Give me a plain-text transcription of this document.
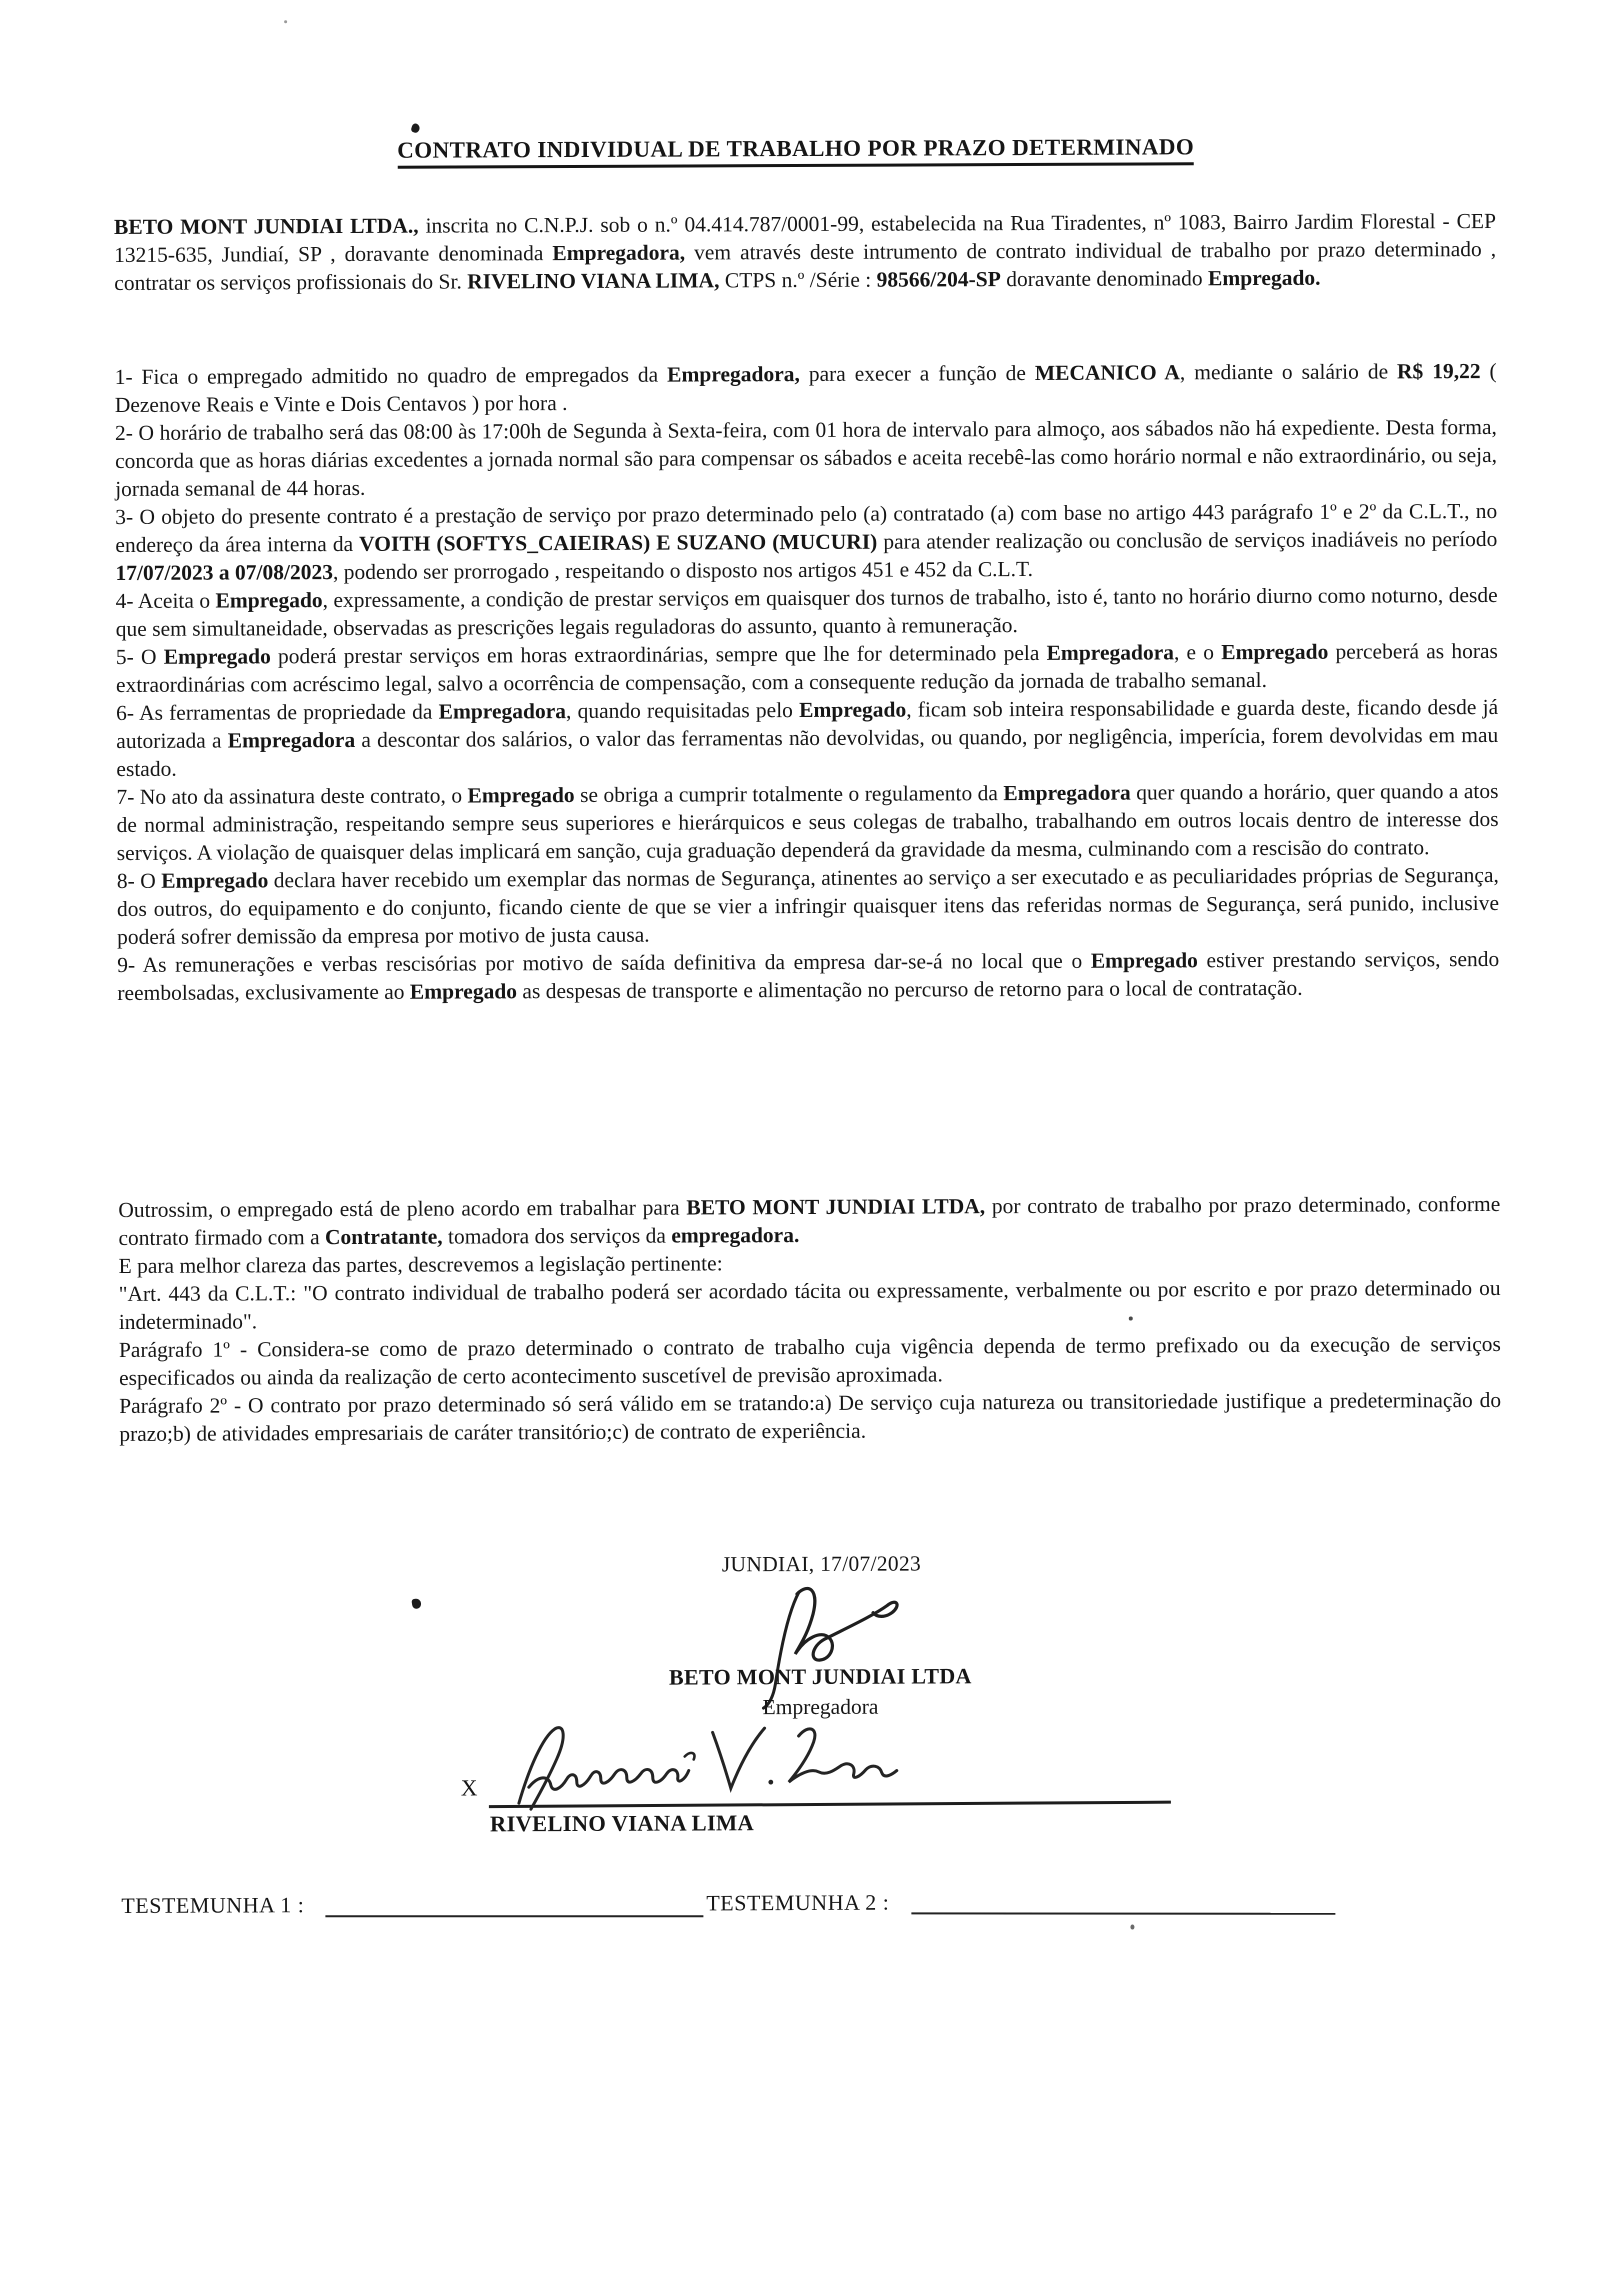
CONTRATO INDIVIDUAL DE TRABALHO POR PRAZO DETERMINADO

BETO MONT JUNDIAI LTDA., inscrita no C.N.P.J. sob o n.º 04.414.787/0001-99, estabelecida na Rua Tiradentes, nº 1083, Bairro Jardim Florestal - CEP 13215-635, Jundiaí, SP , doravante denominada Empregadora, vem através deste intrumento de contrato individual de trabalho por prazo determinado , contratar os serviços profissionais do Sr. RIVELINO VIANA LIMA, CTPS n.º /Série : 98566/204-SP doravante denominado Empregado.

1- Fica o empregado admitido no quadro de empregados da Empregadora, para execer a função de MECANICO A, mediante o salário de R$ 19,22 ( Dezenove Reais e Vinte e Dois Centavos ) por hora .

2- O horário de trabalho será das 08:00 às 17:00h de Segunda à Sexta-feira, com 01 hora de intervalo para almoço, aos sábados não há expediente. Desta forma, concorda que as horas diárias excedentes a jornada normal são para compensar os sábados e aceita recebê-las como horário normal e não extraordinário, ou seja, jornada semanal de 44 horas.

3- O objeto do presente contrato é a prestação de serviço por prazo determinado pelo (a) contratado (a) com base no artigo 443 parágrafo 1º e 2º da C.L.T., no endereço da área interna da VOITH (SOFTYS_CAIEIRAS) E SUZANO (MUCURI) para atender realização ou conclusão de serviços inadiáveis no período 17/07/2023 a 07/08/2023, podendo ser prorrogado , respeitando o disposto nos artigos 451 e 452 da C.L.T.

4- Aceita o Empregado, expressamente, a condição de prestar serviços em quaisquer dos turnos de trabalho, isto é, tanto no horário diurno como noturno, desde que sem simultaneidade, observadas as prescrições legais reguladoras do assunto, quanto à remuneração.

5- O Empregado poderá prestar serviços em horas extraordinárias, sempre que lhe for determinado pela Empregadora, e o Empregado perceberá as horas extraordinárias com acréscimo legal, salvo a ocorrência de compensação, com a consequente redução da jornada de trabalho semanal.

6- As ferramentas de propriedade da Empregadora, quando requisitadas pelo Empregado, ficam sob inteira responsabilidade e guarda deste, ficando desde já autorizada a Empregadora a descontar dos salários, o valor das ferramentas não devolvidas, ou quando, por negligência, imperícia, forem devolvidas em mau estado.

7- No ato da assinatura deste contrato, o Empregado se obriga a cumprir totalmente o regulamento da Empregadora quer quando a horário, quer quando a atos de normal administração, respeitando sempre seus superiores e hierárquicos e seus colegas de trabalho, trabalhando em outros locais dentro de interesse dos serviços. A violação de quaisquer delas implicará em sanção, cuja graduação dependerá da gravidade da mesma, culminando com a rescisão do contrato.

8- O Empregado declara haver recebido um exemplar das normas de Segurança, atinentes ao serviço a ser executado e as peculiaridades próprias de Segurança, dos outros, do equipamento e do conjunto, ficando ciente de que se vier a infringir quaisquer itens das referidas normas de Segurança, será punido, inclusive poderá sofrer demissão da empresa por motivo de justa causa.

9- As remunerações e verbas rescisórias por motivo de saída definitiva da empresa dar-se-á no local que o Empregado estiver prestando serviços, sendo reembolsadas, exclusivamente ao Empregado as despesas de transporte e alimentação no percurso de retorno para o local de contratação.

Outrossim, o empregado está de pleno acordo em trabalhar para BETO MONT JUNDIAI LTDA, por contrato de trabalho por prazo determinado, conforme contrato firmado com a Contratante, tomadora dos serviços da empregadora.

E para melhor clareza das partes, descrevemos a legislação pertinente:

"Art. 443 da C.L.T.: "O contrato individual de trabalho poderá ser acordado tácita ou expressamente, verbalmente ou por escrito e por prazo determinado ou indeterminado".

Parágrafo 1º - Considera-se como de prazo determinado o contrato de trabalho cuja vigência dependa de termo prefixado ou da execução de serviços especificados ou ainda da realização de certo acontecimento suscetível de previsão aproximada.

Parágrafo 2º - O contrato por prazo determinado só será válido em se tratando:a) De serviço cuja natureza ou transitoriedade justifique a predeterminação do prazo;b) de atividades empresariais de caráter transitório;c) de contrato de experiência.

JUNDIAI, 17/07/2023
BETO MONT JUNDIAI LTDA
Empregadora
X
RIVELINO VIANA LIMA
TESTEMUNHA 1 :	TESTEMUNHA 2 :
